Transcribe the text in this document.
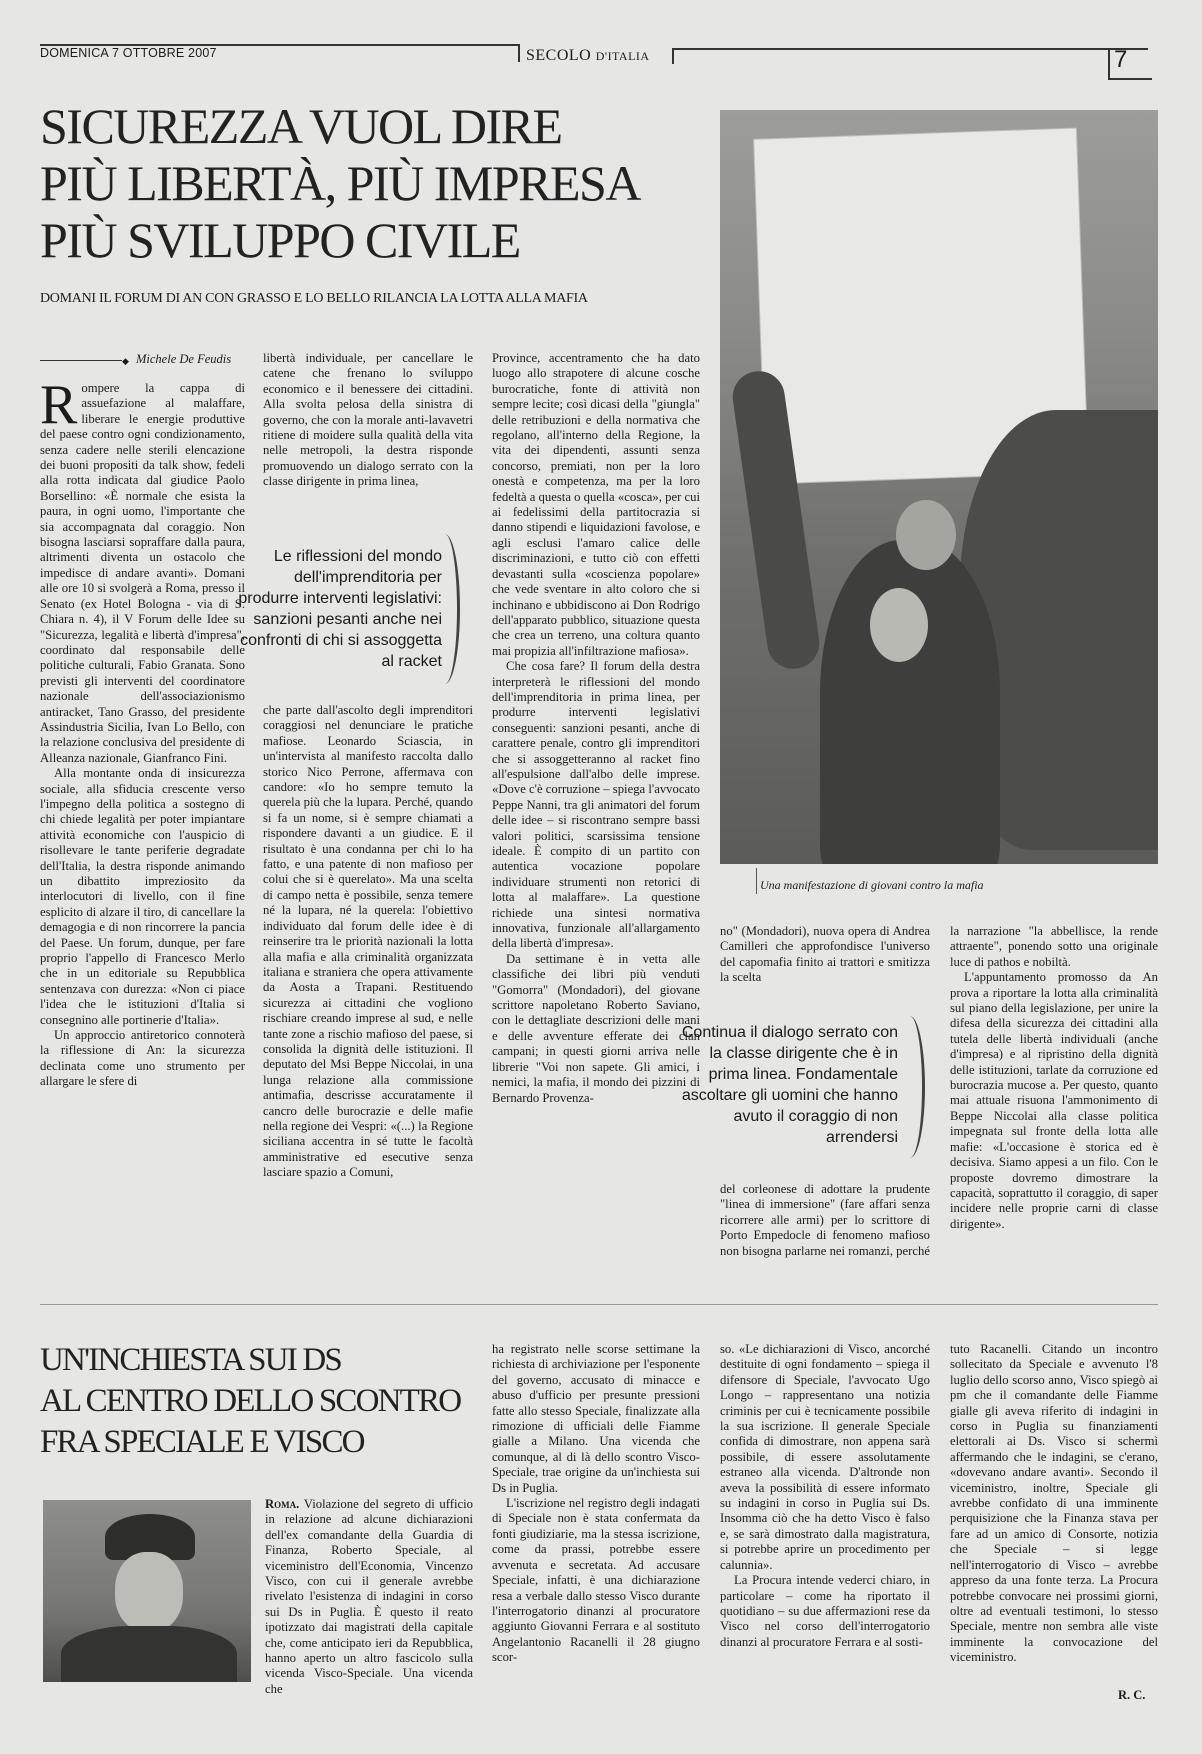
DOMENICA 7 OTTOBRE 2007	SECOLO D'ITALIA	7
SICUREZZA VUOL DIRE
PIÙ LIBERTÀ, PIÙ IMPRESA
PIÙ SVILUPPO CIVILE
DOMANI IL FORUM DI AN CON GRASSO E LO BELLO RILANCIA LA LOTTA ALLA MAFIA
Una manifestazione di giovani contro la mafia
◆ Michele De Feudis

Rompere la cappa di assuefazione al malaffare, liberare le energie produttive del paese contro ogni condizionamento, senza cadere nelle sterili elencazione dei buoni propositi da talk show, fedeli alla rotta indicata dal giudice Paolo Borsellino: «È normale che esista la paura, in ogni uomo, l'importante che sia accompagnata dal coraggio. Non bisogna lasciarsi sopraffare dalla paura, altrimenti diventa un ostacolo che impedisce di andare avanti». Domani alle ore 10 si svolgerà a Roma, presso il Senato (ex Hotel Bologna - via di S. Chiara n. 4), il V Forum delle Idee su "Sicurezza, legalità e libertà d'impresa", coordinato dal responsabile delle politiche culturali, Fabio Granata. Sono previsti gli interventi del coordinatore nazionale dell'associazionismo antiracket, Tano Grasso, del presidente Assindustria Sicilia, Ivan Lo Bello, con la relazione conclusiva del presidente di Alleanza nazionale, Gianfranco Fini.

Alla montante onda di insicurezza sociale, alla sfiducia crescente verso l'impegno della politica a sostegno di chi chiede legalità per poter impiantare attività economiche con l'auspicio di risollevare le tante periferie degradate dell'Italia, la destra risponde animando un dibattito impreziosito da interlocutori di livello, con il fine esplicito di alzare il tiro, di cancellare la demagogia e di non rincorrere la pancia del Paese. Un forum, dunque, per fare proprio l'appello di Francesco Merlo che in un editoriale su Repubblica sentenzava con durezza: «Non ci piace l'idea che le istituzioni d'Italia si consegnino alle portinerie d'Italia».

Un approccio antiretorico connoterà la riflessione di An: la sicurezza declinata come uno strumento per allargare le sfere di

libertà individuale, per cancellare le catene che frenano lo sviluppo economico e il benessere dei cittadini. Alla svolta pelosa della sinistra di governo, che con la morale anti-lavavetri ritiene di moidere sulla qualità della vita nelle metropoli, la destra risponde promuovendo un dialogo serrato con la classe dirigente in prima linea,

Le riflessioni del mondo dell'imprenditoria per produrre interventi legislativi: sanzioni pesanti anche nei confronti di chi si assoggetta al racket

che parte dall'ascolto degli imprenditori coraggiosi nel denunciare le pratiche mafiose. Leonardo Sciascia, in un'intervista al manifesto raccolta dallo storico Nico Perrone, affermava con candore: «Io ho sempre temuto la querela più che la lupara. Perché, quando si fa un nome, si è sempre chiamati a rispondere davanti a un giudice. E il risultato è una condanna per chi lo ha fatto, e una patente di non mafioso per colui che si è querelato». Ma una scelta di campo netta è possibile, senza temere né la lupara, né la querela: l'obiettivo individuato dal forum delle idee è di reinserire tra le priorità nazionali la lotta alla mafia e alla criminalità organizzata italiana e straniera che opera attivamente da Aosta a Trapani. Restituendo sicurezza ai cittadini che vogliono rischiare creando imprese al sud, e nelle tante zone a rischio mafioso del paese, si consolida la dignità delle istituzioni. Il deputato del Msi Beppe Niccolai, in una lunga relazione alla commissione antimafia, descrisse accuratamente il cancro delle burocrazie e delle mafie nella regione dei Vespri: «(...) la Regione siciliana accentra in sé tutte le facoltà amministrative ed esecutive senza lasciare spazio a Comuni,

Province, accentramento che ha dato luogo allo strapotere di alcune cosche burocratiche, fonte di attività non sempre lecite; così dicasi della "giungla" delle retribuzioni e della normativa che regolano, all'interno della Regione, la vita dei dipendenti, assunti senza concorso, premiati, non per la loro onestà e competenza, ma per la loro fedeltà a questa o quella «cosca», per cui ai fedelissimi della partitocrazia si danno stipendi e liquidazioni favolose, e agli esclusi l'amaro calice delle discriminazioni, e tutto ciò con effetti devastanti sulla «coscienza popolare» che vede sventare in alto coloro che si inchinano e ubbidiscono ai Don Rodrigo dell'apparato pubblico, situazione questa che crea un terreno, una coltura quanto mai propizia all'infiltrazione mafiosa».

Che cosa fare? Il forum della destra interpreterà le riflessioni del mondo dell'imprenditoria in prima linea, per produrre interventi legislativi conseguenti: sanzioni pesanti, anche di carattere penale, contro gli imprenditori che si assoggetteranno al racket fino all'espulsione dall'albo delle imprese. «Dove c'è corruzione – spiega l'avvocato Peppe Nanni, tra gli animatori del forum delle idee – si riscontrano sempre bassi valori politici, scarsissima tensione ideale. È compito di un partito con autentica vocazione popolare individuare strumenti non retorici di lotta al malaffare». La questione richiede una sintesi normativa innovativa, funzionale all'allargamento della libertà d'impresa».

Da settimane è in vetta alle classifiche dei libri più venduti "Gomorra" (Mondadori), del giovane scrittore napoletano Roberto Saviano, con le dettagliate descrizioni delle mani e delle avventure efferate dei clan campani; in questi giorni arriva nelle librerie "Voi non sapete. Gli amici, i nemici, la mafia, il mondo dei pizzini di Bernardo Provenza-

no" (Mondadori), nuova opera di Andrea Camilleri che approfondisce l'universo del capomafia finito ai trattori e smitizza la scelta

Continua il dialogo serrato con la classe dirigente che è in prima linea. Fondamentale ascoltare gli uomini che hanno avuto il coraggio di non arrendersi

del corleonese di adottare la prudente "linea di immersione" (fare affari senza ricorrere alle armi) per lo scrittore di Porto Empedocle di fenomeno mafioso non bisogna parlarne nei romanzi, perché

la narrazione "la abbellisce, la rende attraente", ponendo sotto una originale luce di pathos e nobiltà.

L'appuntamento promosso da An prova a riportare la lotta alla criminalità sul piano della legislazione, per unire la difesa della sicurezza dei cittadini alla tutela delle libertà individuali (anche d'impresa) e al ripristino della dignità delle istituzioni, tarlate da corruzione ed burocrazia mucose a. Per questo, quanto mai attuale risuona l'ammonimento di Beppe Niccolai alla classe politica impegnata sul fronte della lotta alle mafie: «L'occasione è storica ed è decisiva. Siamo appesi a un filo. Con le proposte dovremo dimostrare la capacità, soprattutto il coraggio, di saper incidere nelle proprie carni di classe dirigente».

UN'INCHIESTA SUI DS
AL CENTRO DELLO SCONTRO
FRA SPECIALE E VISCO

Roma. Violazione del segreto di ufficio in relazione ad alcune dichiarazioni dell'ex comandante della Guardia di Finanza, Roberto Speciale, al viceministro dell'Economia, Vincenzo Visco, con cui il generale avrebbe rivelato l'esistenza di indagini in corso sui Ds in Puglia. È questo il reato ipotizzato dai magistrati della capitale che, come anticipato ieri da Repubblica, hanno aperto un altro fascicolo sulla vicenda Visco-Speciale. Una vicenda che

ha registrato nelle scorse settimane la richiesta di archiviazione per l'esponente del governo, accusato di minacce e abuso d'ufficio per presunte pressioni fatte allo stesso Speciale, finalizzate alla rimozione di ufficiali delle Fiamme gialle a Milano. Una vicenda che comunque, al di là dello scontro Visco-Speciale, trae origine da un'inchiesta sui Ds in Puglia.

L'iscrizione nel registro degli indagati di Speciale non è stata confermata da fonti giudiziarie, ma la stessa iscrizione, come da prassi, potrebbe essere avvenuta e secretata. Ad accusare Speciale, infatti, è una dichiarazione resa a verbale dallo stesso Visco durante l'interrogatorio dinanzi al procuratore aggiunto Giovanni Ferrara e al sostituto Angelantonio Racanelli il 28 giugno scor-

so. «Le dichiarazioni di Visco, ancorché destituite di ogni fondamento – spiega il difensore di Speciale, l'avvocato Ugo Longo – rappresentano una notizia criminis per cui è tecnicamente possibile la sua iscrizione. Il generale Speciale confida di dimostrare, non appena sarà possibile, di essere assolutamente estraneo alla vicenda. D'altronde non aveva la possibilità di essere informato su indagini in corso in Puglia sui Ds. Insomma ciò che ha detto Visco è falso e, se sarà dimostrato dalla magistratura, si potrebbe aprire un procedimento per calunnia».

La Procura intende vederci chiaro, in particolare – come ha riportato il quotidiano – su due affermazioni rese da Visco nel corso dell'interrogatorio dinanzi al procuratore Ferrara e al sosti-

tuto Racanelli. Citando un incontro sollecitato da Speciale e avvenuto l'8 luglio dello scorso anno, Visco spiegò ai pm che il comandante delle Fiamme gialle gli aveva riferito di indagini in corso in Puglia su finanziamenti elettorali ai Ds. Visco si schermì affermando che le indagini, se c'erano, «dovevano andare avanti». Secondo il viceministro, inoltre, Speciale gli avrebbe confidato di una imminente perquisizione che la Finanza stava per fare ad un amico di Consorte, notizia che Speciale – si legge nell'interrogatorio di Visco – avrebbe appreso da una fonte terza. La Procura potrebbe convocare nei prossimi giorni, oltre ad eventuali testimoni, lo stesso Speciale, mentre non sembra alle viste imminente la convocazione del viceministro.

R. C.
